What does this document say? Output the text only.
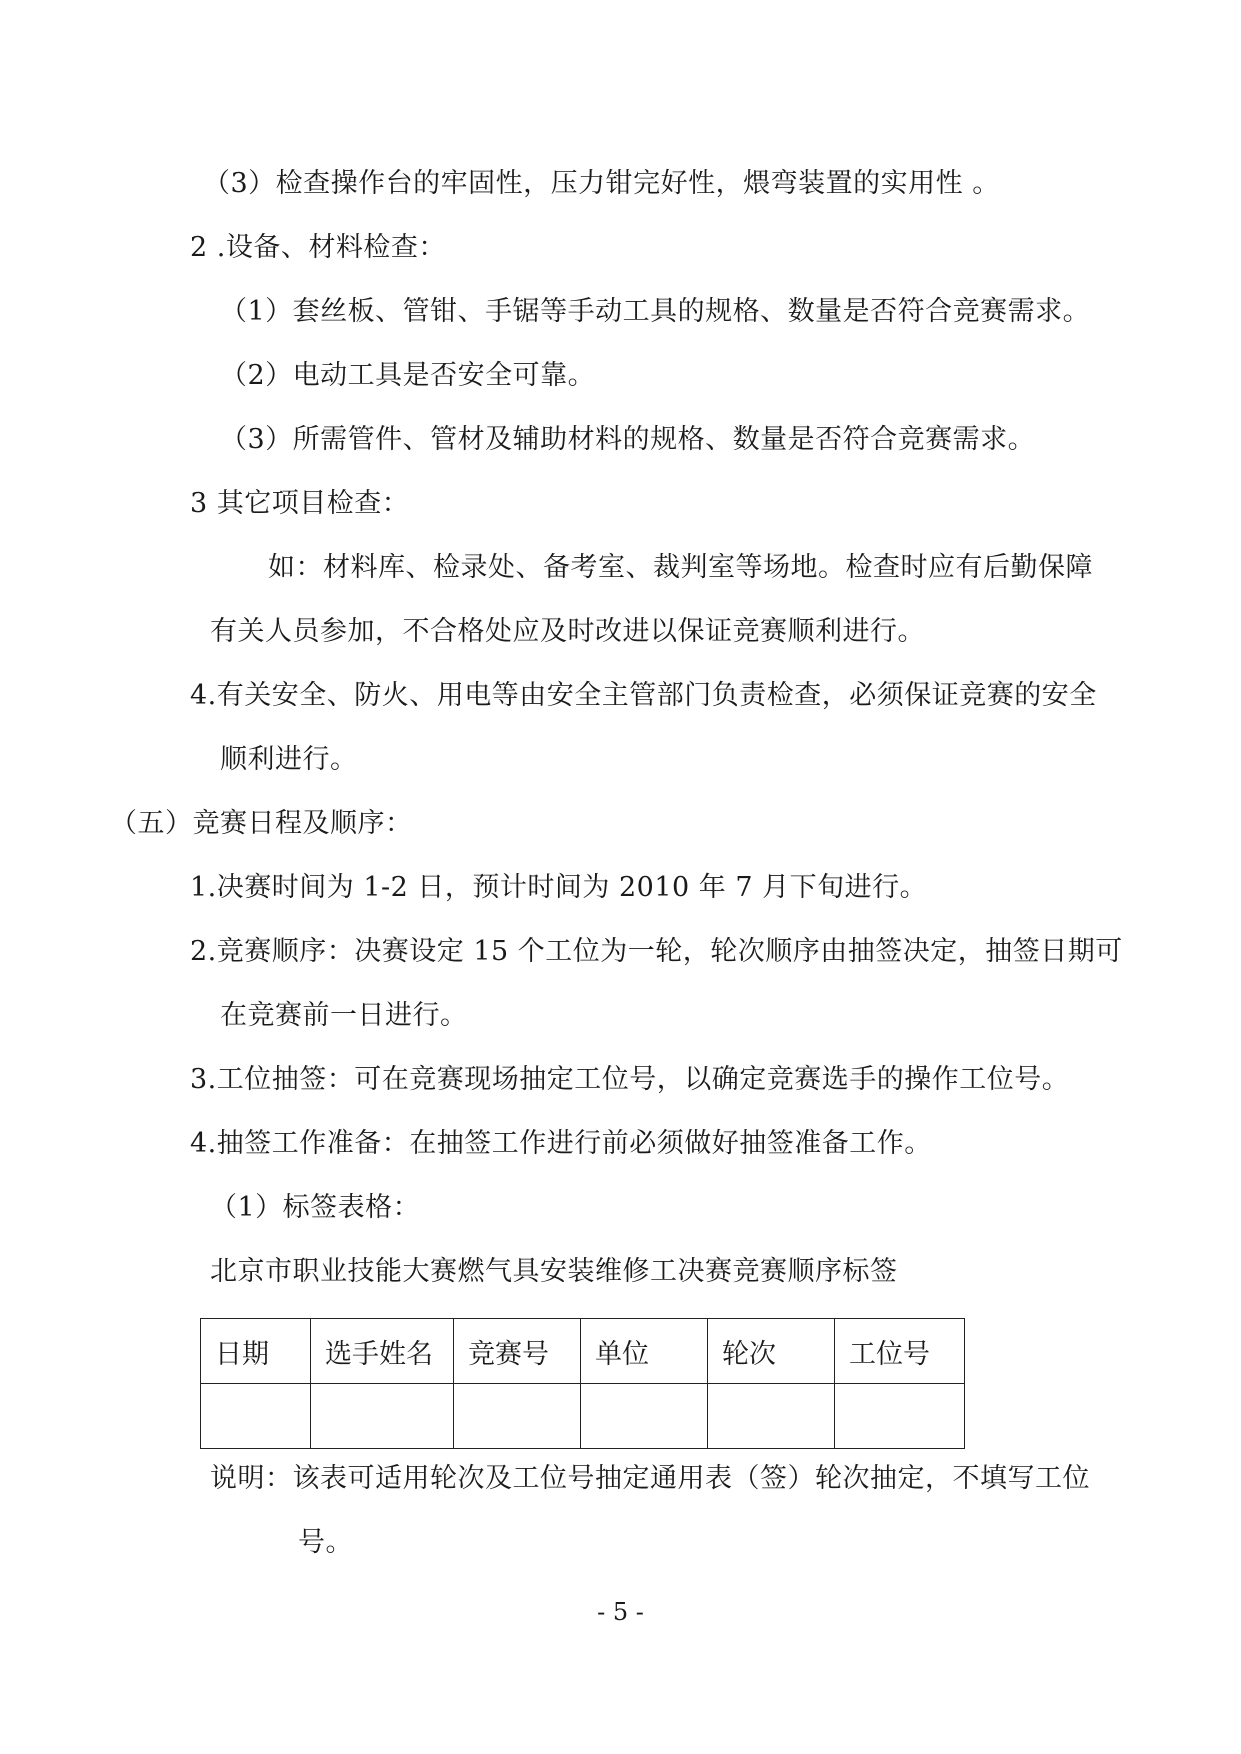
（3）检查操作台的牢固性，压力钳完好性，煨弯装置的实用性 。
2 .设备、材料检查：
（1）套丝板、管钳、手锯等手动工具的规格、数量是否符合竞赛需求。
（2）电动工具是否安全可靠。
（3）所需管件、管材及辅助材料的规格、数量是否符合竞赛需求。
3 其它项目检查：
如：材料库、检录处、备考室、裁判室等场地。检查时应有后勤保障
有关人员参加，不合格处应及时改进以保证竞赛顺利进行。
4.有关安全、防火、用电等由安全主管部门负责检查，必须保证竞赛的安全
顺利进行。
（五）竞赛日程及顺序：
1.决赛时间为 1-2 日，预计时间为 2010 年 7 月下旬进行。
2.竞赛顺序：决赛设定 15 个工位为一轮，轮次顺序由抽签决定，抽签日期可
在竞赛前一日进行。
3.工位抽签：可在竞赛现场抽定工位号，以确定竞赛选手的操作工位号。
4.抽签工作准备：在抽签工作进行前必须做好抽签准备工作。
（1）标签表格：
北京市职业技能大赛燃气具安装维修工决赛竞赛顺序标签
日期	选手姓名	竞赛号	单位	轮次	工位号

说明：该表可适用轮次及工位号抽定通用表（签）轮次抽定，不填写工位
号。
- 5 -
